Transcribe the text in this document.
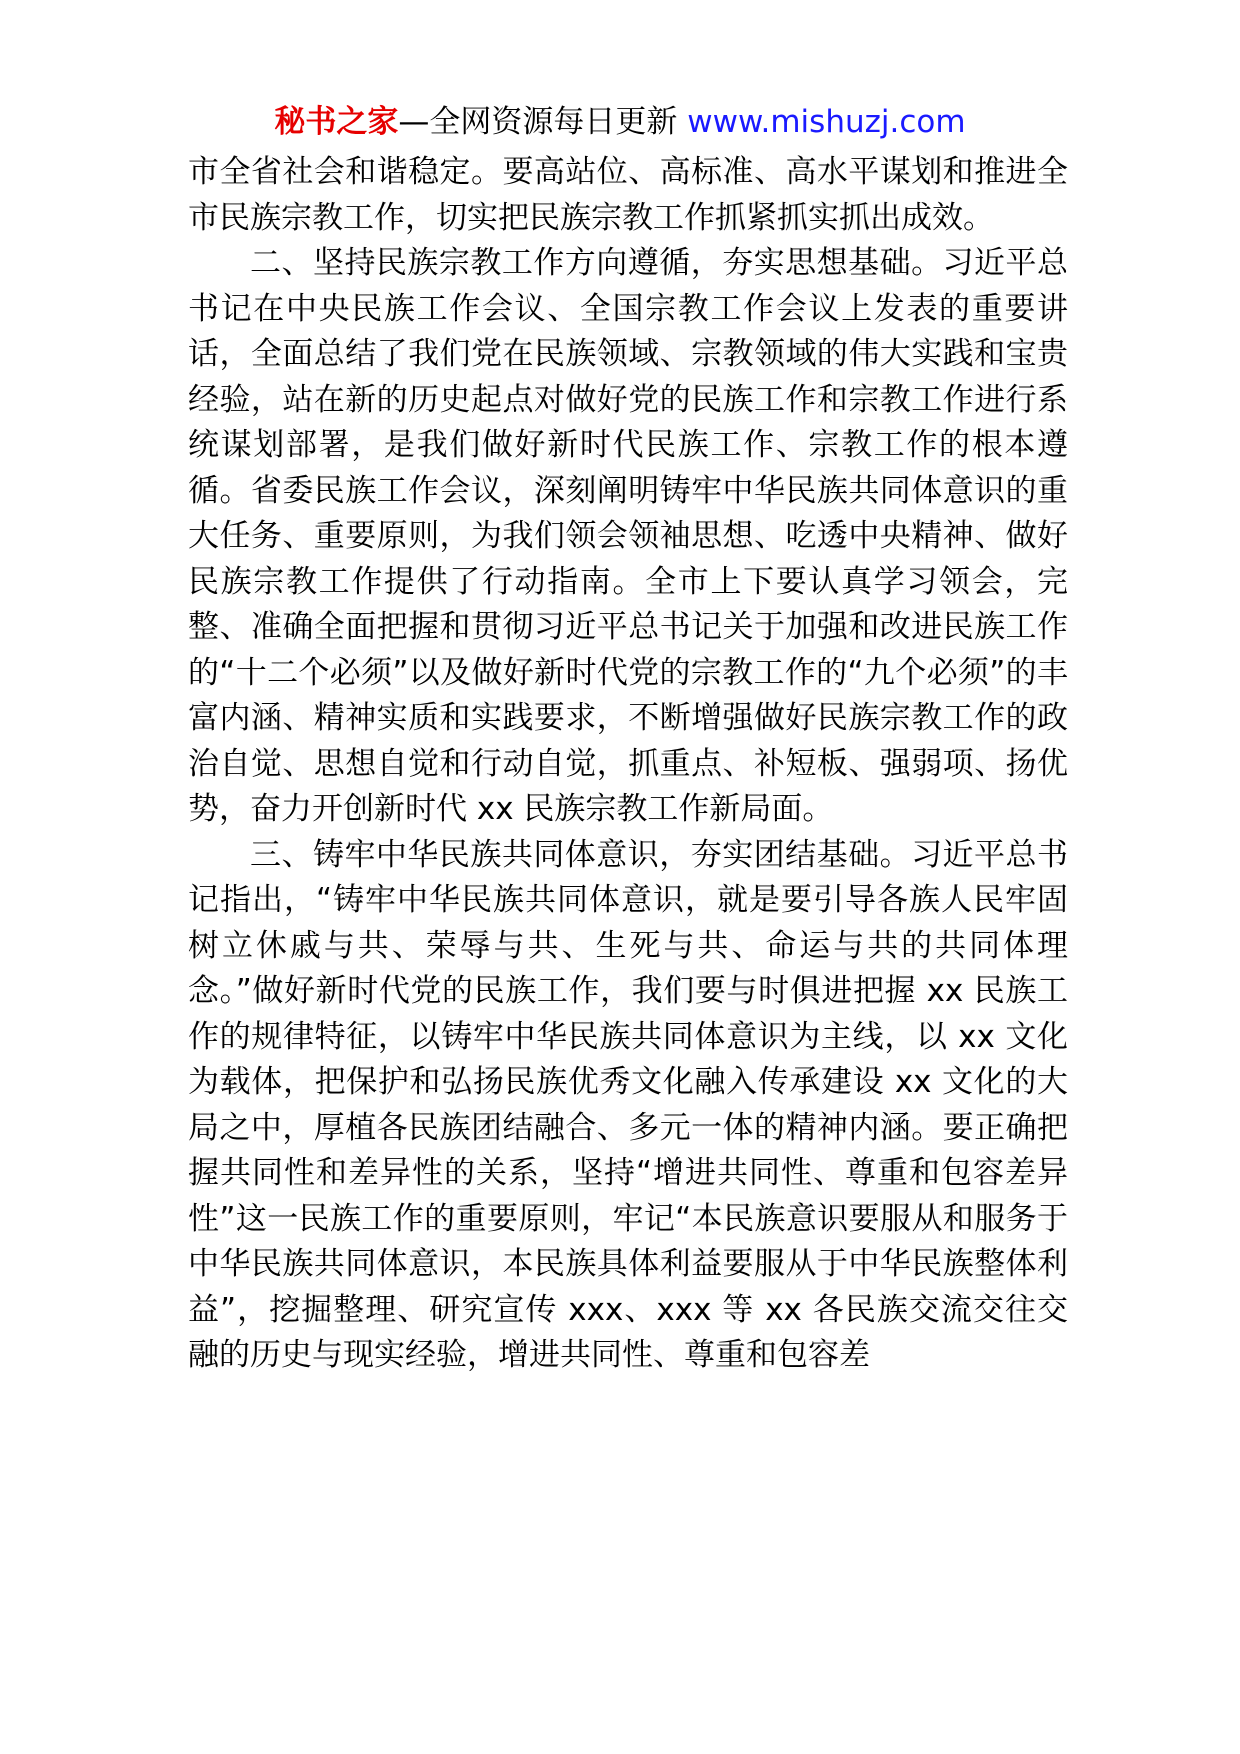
秘书之家—全网资源每日更新 www.mishuzj.com

市全省社会和谐稳定。要高站位、高标准、高水平谋划和推进全市民族宗教工作，切实把民族宗教工作抓紧抓实抓出成效。

二、坚持民族宗教工作方向遵循，夯实思想基础。习近平总书记在中央民族工作会议、全国宗教工作会议上发表的重要讲话，全面总结了我们党在民族领域、宗教领域的伟大实践和宝贵经验，站在新的历史起点对做好党的民族工作和宗教工作进行系统谋划部署，是我们做好新时代民族工作、宗教工作的根本遵循。省委民族工作会议，深刻阐明铸牢中华民族共同体意识的重大任务、重要原则，为我们领会领袖思想、吃透中央精神、做好民族宗教工作提供了行动指南。全市上下要认真学习领会，完整、准确全面把握和贯彻习近平总书记关于加强和改进民族工作的“十二个必须”以及做好新时代党的宗教工作的“九个必须”的丰富内涵、精神实质和实践要求，不断增强做好民族宗教工作的政治自觉、思想自觉和行动自觉，抓重点、补短板、强弱项、扬优势，奋力开创新时代 xx 民族宗教工作新局面。

三、铸牢中华民族共同体意识，夯实团结基础。习近平总书记指出，“铸牢中华民族共同体意识，就是要引导各族人民牢固树立休戚与共、荣辱与共、生死与共、命运与共的共同体理念。”做好新时代党的民族工作，我们要与时俱进把握 xx 民族工作的规律特征，以铸牢中华民族共同体意识为主线，以 xx 文化为载体，把保护和弘扬民族优秀文化融入传承建设 xx 文化的大局之中，厚植各民族团结融合、多元一体的精神内涵。要正确把握共同性和差异性的关系，坚持“增进共同性、尊重和包容差异性”这一民族工作的重要原则，牢记“本民族意识要服从和服务于中华民族共同体意识，本民族具体利益要服从于中华民族整体利益”，挖掘整理、研究宣传 xxx、xxx 等 xx 各民族交流交往交融的历史与现实经验，增进共同性、尊重和包容差
